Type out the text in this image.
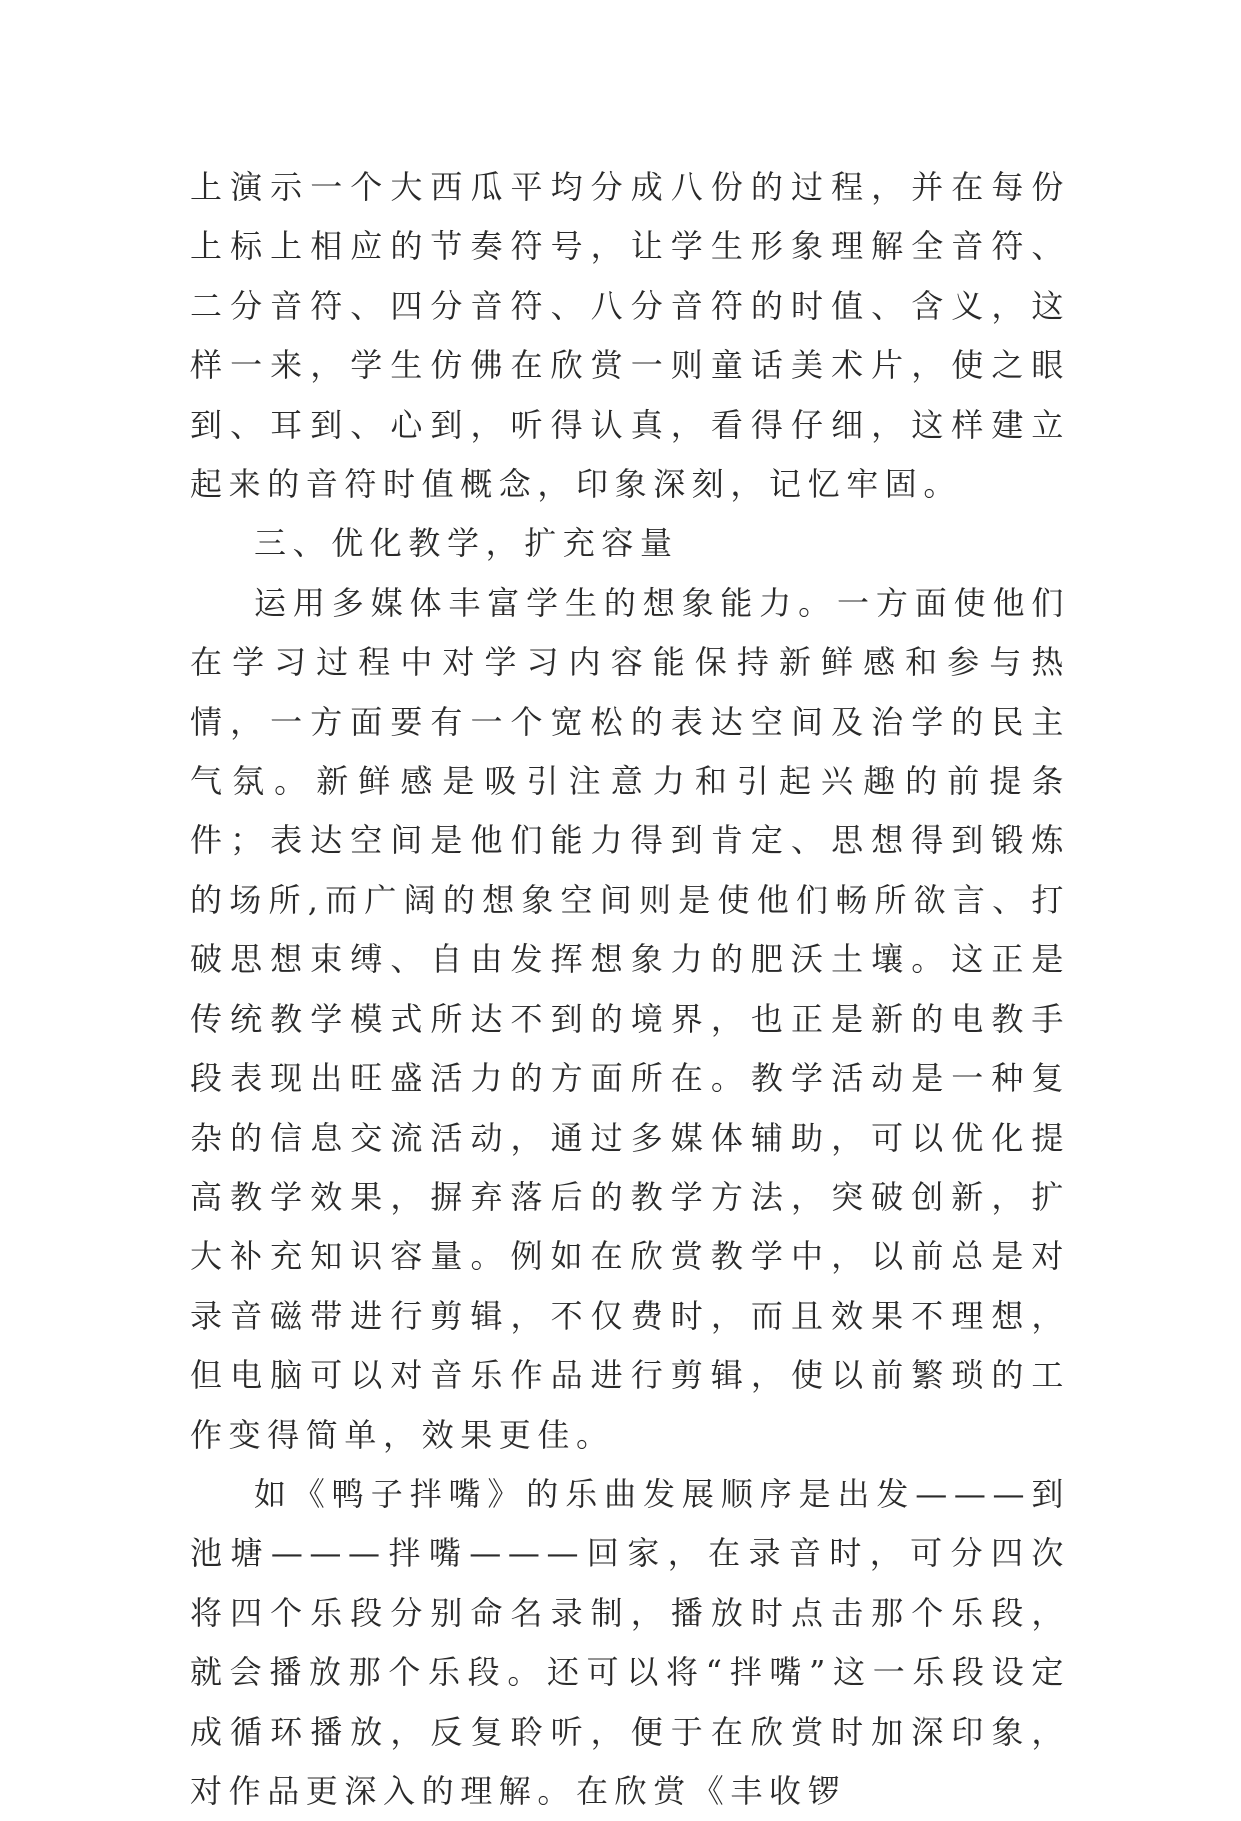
上演示一个大西瓜平均分成八份的过程，并在每份上标上相应的节奏符号，让学生形象理解全音符、二分音符、四分音符、八分音符的时值、含义，这样一来，学生仿佛在欣赏一则童话美术片，使之眼到、耳到、心到，听得认真，看得仔细，这样建立起来的音符时值概念，印象深刻，记忆牢固。

三、优化教学，扩充容量

运用多媒体丰富学生的想象能力。一方面使他们在学习过程中对学习内容能保持新鲜感和参与热情，一方面要有一个宽松的表达空间及治学的民主气氛。新鲜感是吸引注意力和引起兴趣的前提条件；表达空间是他们能力得到肯定、思想得到锻炼的场所,而广阔的想象空间则是使他们畅所欲言、打破思想束缚、自由发挥想象力的肥沃土壤。这正是传统教学模式所达不到的境界，也正是新的电教手段表现出旺盛活力的方面所在。教学活动是一种复杂的信息交流活动，通过多媒体辅助，可以优化提高教学效果，摒弃落后的教学方法，突破创新，扩大补充知识容量。例如在欣赏教学中，以前总是对录音磁带进行剪辑，不仅费时，而且效果不理想，但电脑可以对音乐作品进行剪辑，使以前繁琐的工作变得简单，效果更佳。

如《鸭子拌嘴》的乐曲发展顺序是出发———到池塘———拌嘴———回家，在录音时，可分四次将四个乐段分别命名录制，播放时点击那个乐段，就会播放那个乐段。还可以将“拌嘴”这一乐段设定成循环播放，反复聆听，便于在欣赏时加深印象，对作品更深入的理解。在欣赏《丰收锣
